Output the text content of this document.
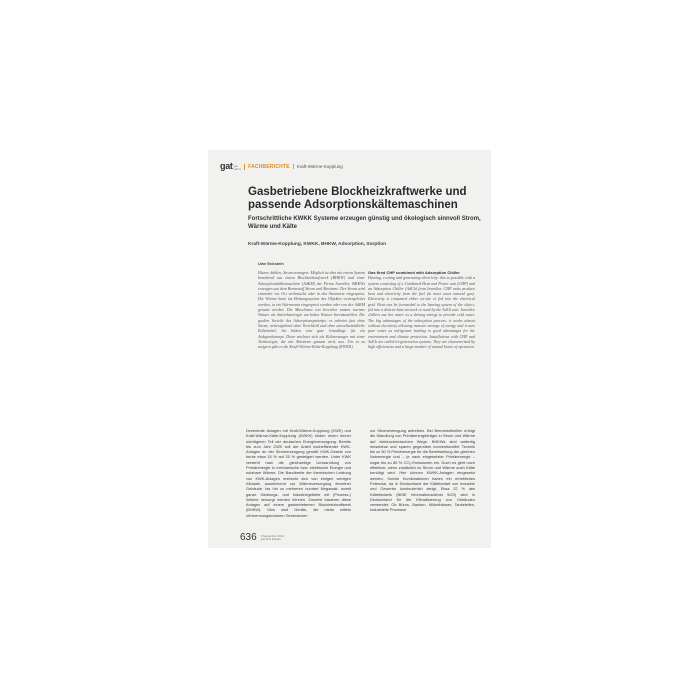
gat gas
wärme	FACHBERICHTE	Kraft-Wärme-Kopplung
Gasbetriebene Blockheizkraftwerke und passende Adsorptionskältemaschinen

Fortschrittliche KWKK Systeme erzeugen günstig und ökologisch sinnvoll Strom, Wärme und Kälte

Kraft-Wärme-Kopplung, KWKK, BHKW, Adsorption, Sorption

Uwe Eckstein

Hitzen, kühlen, Strom erzeugen: Möglich ist dies mit einem System bestehend aus einem Blockheizkraftwerk (BHKW) und einer Adsorptionskältemaschine (AdKM) der Firma InvenSor. BHKWs erzeugen aus dem Brennstoff Strom und Abwärme. Der Strom wird entweder vor Ort verbraucht oder in das Stromnetz eingespeist. Die Wärme kann ins Heizungssystem des Objektes weitergeleitet werden, in ein Wärmenetz eingespeist werden oder von der AdKM genutzt werden. Die Maschinen von InvenSor nutzen warmes Wasser als Antriebsenergie um kaltes Wasser bereitzustellen. Die großen Vorteile des Adsorptionsprinzips: es arbeitet fast ohne Strom, weitestgehend ohne Verschleiß und ohne umweltschädliche Kältemittel. Sie bilden eine gute Grundlage für ein Anlagenkonzept. Diese zeichnet sich als Kälteerzeuger mit einer Technologie, die mit Abwärme genutzt wird, aus. Um es zu steigern gibt es die Kraft-Wärme-Kälte-Kopplung (KWKK).

Gas fired CHP combined with Adsorption Chiller
Heating, cooling and generating electricity: this is possible with a system consisting of a Combined Heat and Power unit (CHP) and an Adsorption Chiller (AdCh) from InvenSor. CHP units produce heat and electricity from the fuel (in most cases natural gas). Electricity is consumed either on-site or fed into the electrical grid. Heat can be forwarded to the heating system of the object, fed into a district heat network or used by the AdCh unit. InvenSor chillers use hot water as a driving energy to provide cold water. The big advantages of the adsorption process: it works almost without electricity allowing massive savings of energy and it uses pure water as refrigerant leading to good advantages for the environment and climate protection. Installations with CHP and AdCh are called tri-generation systems. They are characterized by high efficiencies and a large number of annual hours of operation.

Dezentrale Anlagen mit Kraft-Wärme-Kopplung (KWK) und Kraft-Wärme-Kälte-Kopplung (KWKK) bilden einen immer wichtigeren Teil der deutschen Energieversorgung. Bereits bis zum Jahr 2020 soll der Anteil hocheffizienter KWK-Anlagen an der Stromerzeugung gemäß KWK-Gesetz von heute etwa 15 % auf 25 % gesteigert werden. Unter KWK versteht man die gleichzeitige Umwandlung von Primärenergie in mechanische bzw. elektrische Energie und nutzbare Wärme. Die Bandbreite der thermischen Leistung von KWK-Anlagen erstreckt sich von einigen wenigen Kilowatt, ausreichend zur Wärmeversorgung einzelner Gebäude, bis hin zu mehreren hundert Megawatt, womit ganze Siedlungs- und Industriegebiete mit (Prozess-) Wärme versorgt werden können. Zumeist basieren diese Anlagen auf einem gasbetriebenen Blockheizkraftwerk (BHKW). Dies sind Geräte, die meist mittels Verbrennungsmotoren Generatoren

zur Stromerzeugung antreiben. Bei Brennstoffzellen erfolgt die Wandlung von Primärenergieträger in Strom und Wärme auf elektrochemischem Wege. BHKWs sind weitertig einsetzbar und sparen gegenüber konventioneller Technik bis zu 50 % Primärenergie für die Bereitstellung der gleichen Nutzenergie und – je nach eingesetzter Primärenergie – sogar bis zu 80 % CO₂-Emissionen ein. Doch es geht noch effektiver, wenn zusätzlich zu Strom und Wärme auch Kälte benötigt wird. Hier können KWKK-Anlagen eingesetzt werden. Solche Kombinationen haben ein erhebliches Potenzial, da in Deutschland der Kältebedarf von Industrie und Gewerbe kontinuierlich steigt. Etwa 22 % des Kältebedarfs (BINE Informationsdienst 9/20) wird in Deutschland für die Klimatisierung von Gebäuden verwendet: Ob Büros, Banken, Möbelhäuser, Tankstellen, Industrielle Prozesse

636 9 September 2014
gwf-Gas Erdgas
